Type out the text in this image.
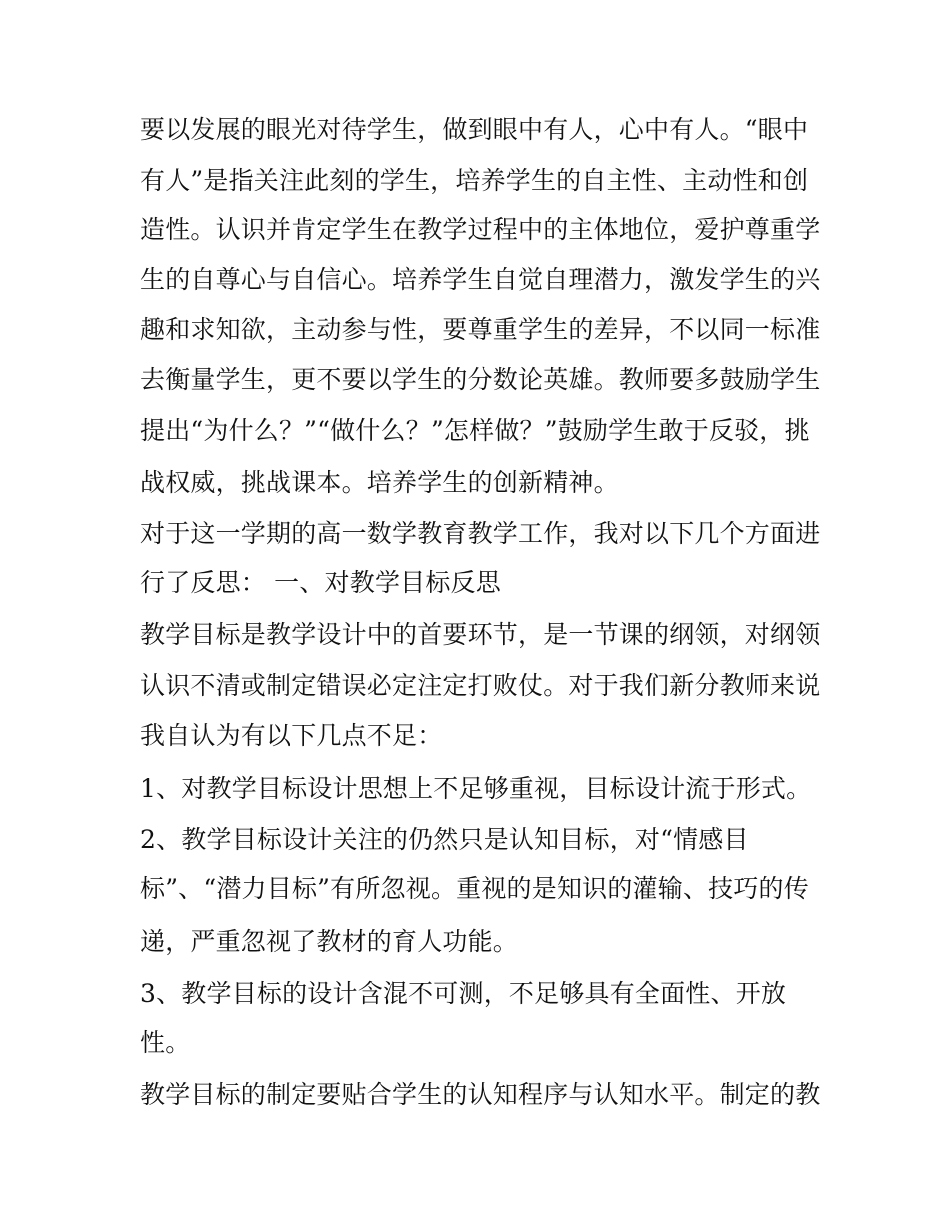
要以发展的眼光对待学生，做到眼中有人，心中有人。“眼中
有人”是指关注此刻的学生，培养学生的自主性、主动性和创
造性。认识并肯定学生在教学过程中的主体地位，爱护尊重学
生的自尊心与自信心。培养学生自觉自理潜力，激发学生的兴
趣和求知欲，主动参与性，要尊重学生的差异，不以同一标准
去衡量学生，更不要以学生的分数论英雄。教师要多鼓励学生
提出“为什么？”“做什么？”怎样做？”鼓励学生敢于反驳，挑
战权威，挑战课本。培养学生的创新精神。
对于这一学期的高一数学教育教学工作，我对以下几个方面进
行了反思： 一、对教学目标反思
教学目标是教学设计中的首要环节，是一节课的纲领，对纲领
认识不清或制定错误必定注定打败仗。对于我们新分教师来说
我自认为有以下几点不足：
1、对教学目标设计思想上不足够重视，目标设计流于形式。
2、教学目标设计关注的仍然只是认知目标，对“情感目
标”、“潜力目标”有所忽视。重视的是知识的灌输、技巧的传
递，严重忽视了教材的育人功能。
3、教学目标的设计含混不可测，不足够具有全面性、开放
性。
教学目标的制定要贴合学生的认知程序与认知水平。制定的教
